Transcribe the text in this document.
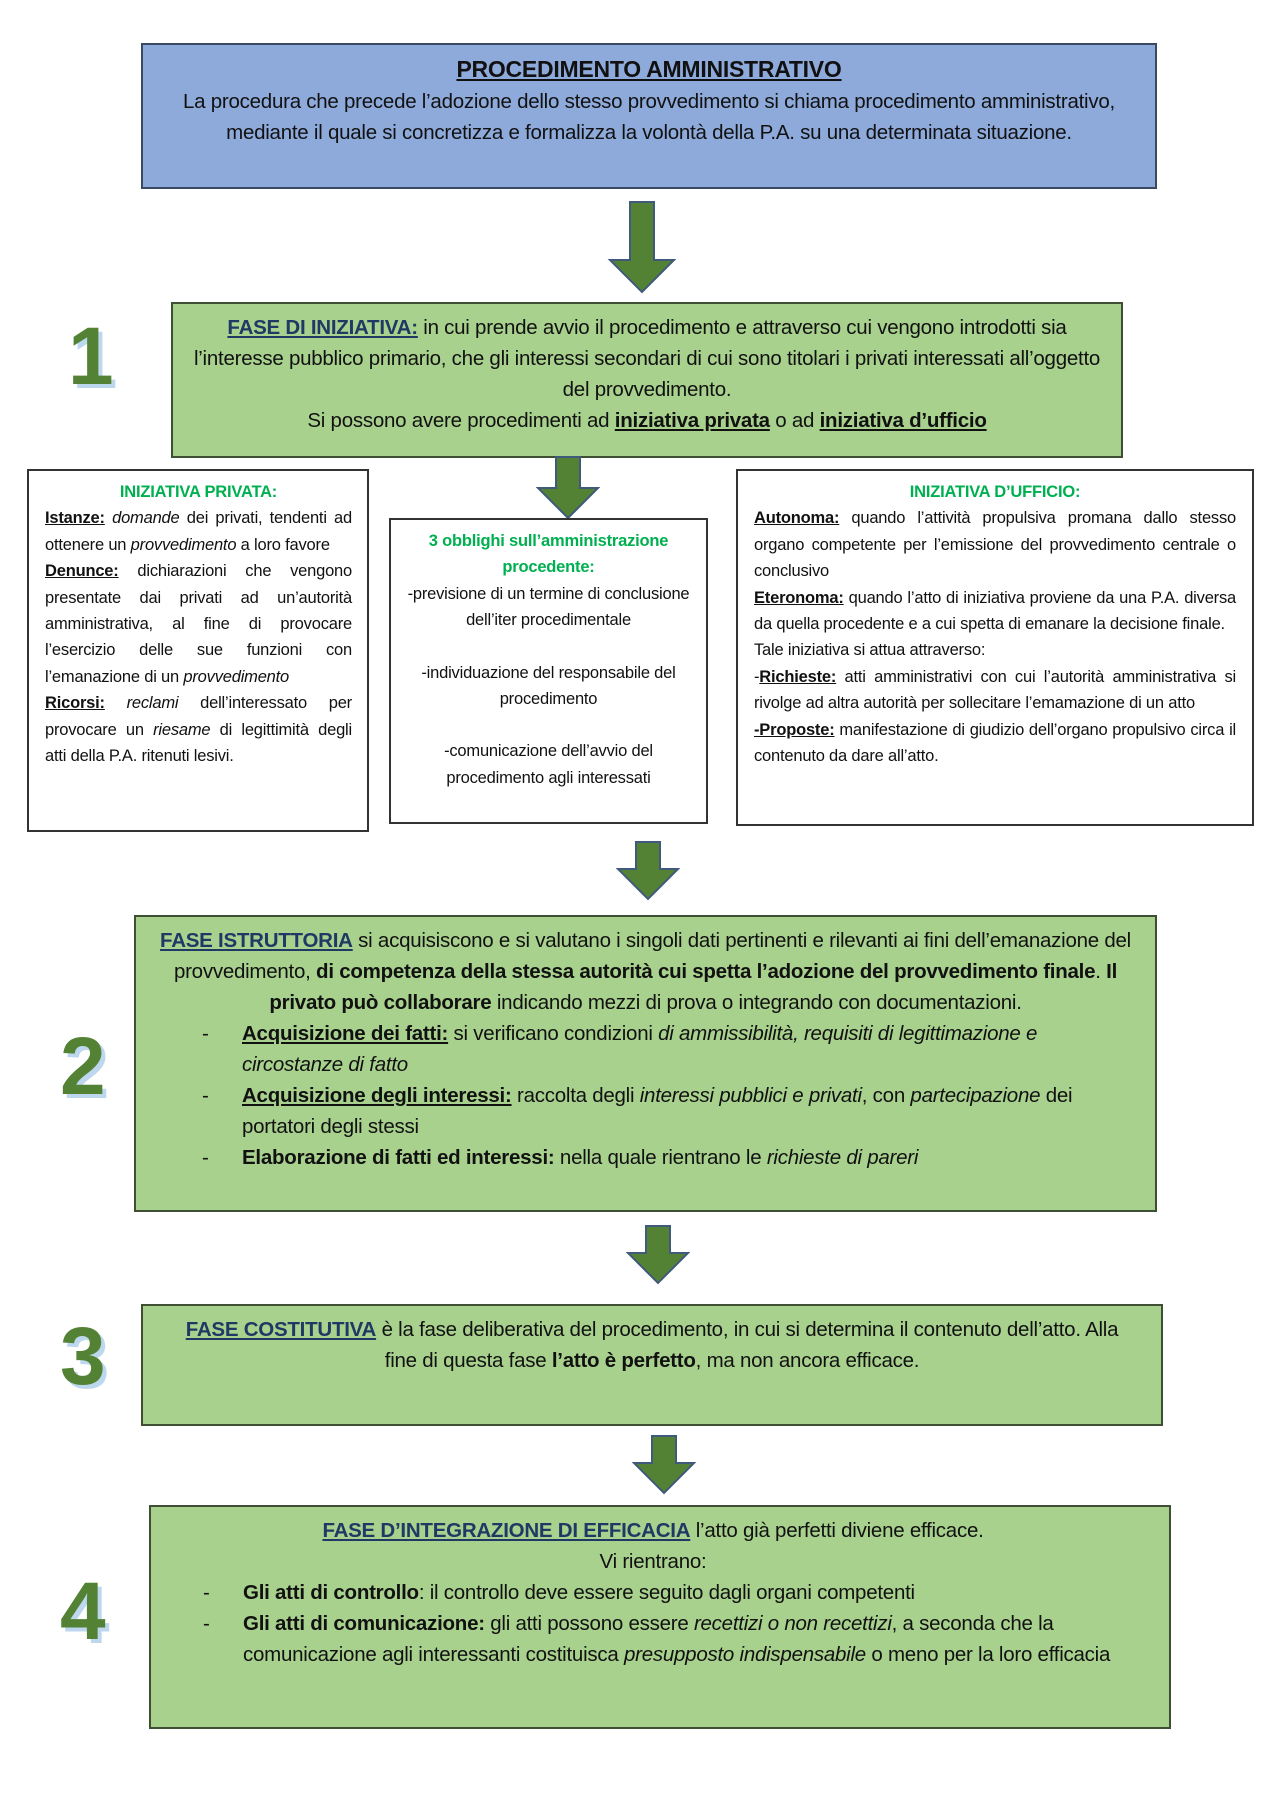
PROCEDIMENTO AMMINISTRATIVO

La procedura che precede l’adozione dello stesso provvedimento si chiama procedimento amministrativo, mediante il quale si concretizza e formalizza la volontà della P.A. su una determinata situazione.

1	FASE DI INIZIATIVA: in cui prende avvio il procedimento e attraverso cui vengono introdotti sia l’interesse pubblico primario, che gli interessi secondari di cui sono titolari i privati interessati all’oggetto del provvedimento.

Si possono avere procedimenti ad iniziativa privata o ad iniziativa d’ufficio

INIZIATIVA PRIVATA:

Istanze: domande dei privati, tendenti ad ottenere un provvedimento a loro favore

Denunce: dichiarazioni che vengono presentate dai privati ad un’autorità amministrativa, al fine di provocare l’esercizio delle sue funzioni con l’emanazione di un provvedimento

Ricorsi: reclami dell’interessato per provocare un riesame di legittimità degli atti della P.A. ritenuti lesivi.

3 obblighi sull’amministrazione procedente:

-previsione di un termine di conclusione dell’iter procedimentale

-individuazione del responsabile del procedimento

-comunicazione dell’avvio del procedimento agli interessati

INIZIATIVA D’UFFICIO:

Autonoma: quando l’attività propulsiva promana dallo stesso organo competente per l’emissione del provvedimento centrale o conclusivo

Eteronoma: quando l’atto di iniziativa proviene da una P.A. diversa da quella procedente e a cui spetta di emanare la decisione finale.

Tale iniziativa si attua attraverso:

-Richieste: atti amministrativi con cui l’autorità amministrativa si rivolge ad altra autorità per sollecitare l’emamazione di un atto

-Proposte: manifestazione di giudizio dell’organo propulsivo circa il contenuto da dare all’atto.

2

FASE ISTRUTTORIA si acquisiscono e si valutano i singoli dati pertinenti e rilevanti ai fini dell’emanazione del provvedimento, di competenza della stessa autorità cui spetta l’adozione del provvedimento finale. Il privato può collaborare indicando mezzi di prova o integrando con documentazioni.

- Acquisizione dei fatti: si verificano condizioni di ammissibilità, requisiti di legittimazione e circostanze di fatto
- Acquisizione degli interessi: raccolta degli interessi pubblici e privati, con partecipazione dei portatori degli stessi
- Elaborazione di fatti ed interessi: nella quale rientrano le richieste di pareri
3	FASE COSTITUTIVA è la fase deliberativa del procedimento, in cui si determina il contenuto dell’atto. Alla fine di questa fase l’atto è perfetto, ma non ancora efficace.

4

FASE D’INTEGRAZIONE DI EFFICACIA l’atto già perfetti diviene efficace.

Vi rientrano:

- Gli atti di controllo: il controllo deve essere seguito dagli organi competenti
- Gli atti di comunicazione: gli atti possono essere recettizi o non recettizi, a seconda che la comunicazione agli interessanti costituisca presupposto indispensabile o meno per la loro efficacia
